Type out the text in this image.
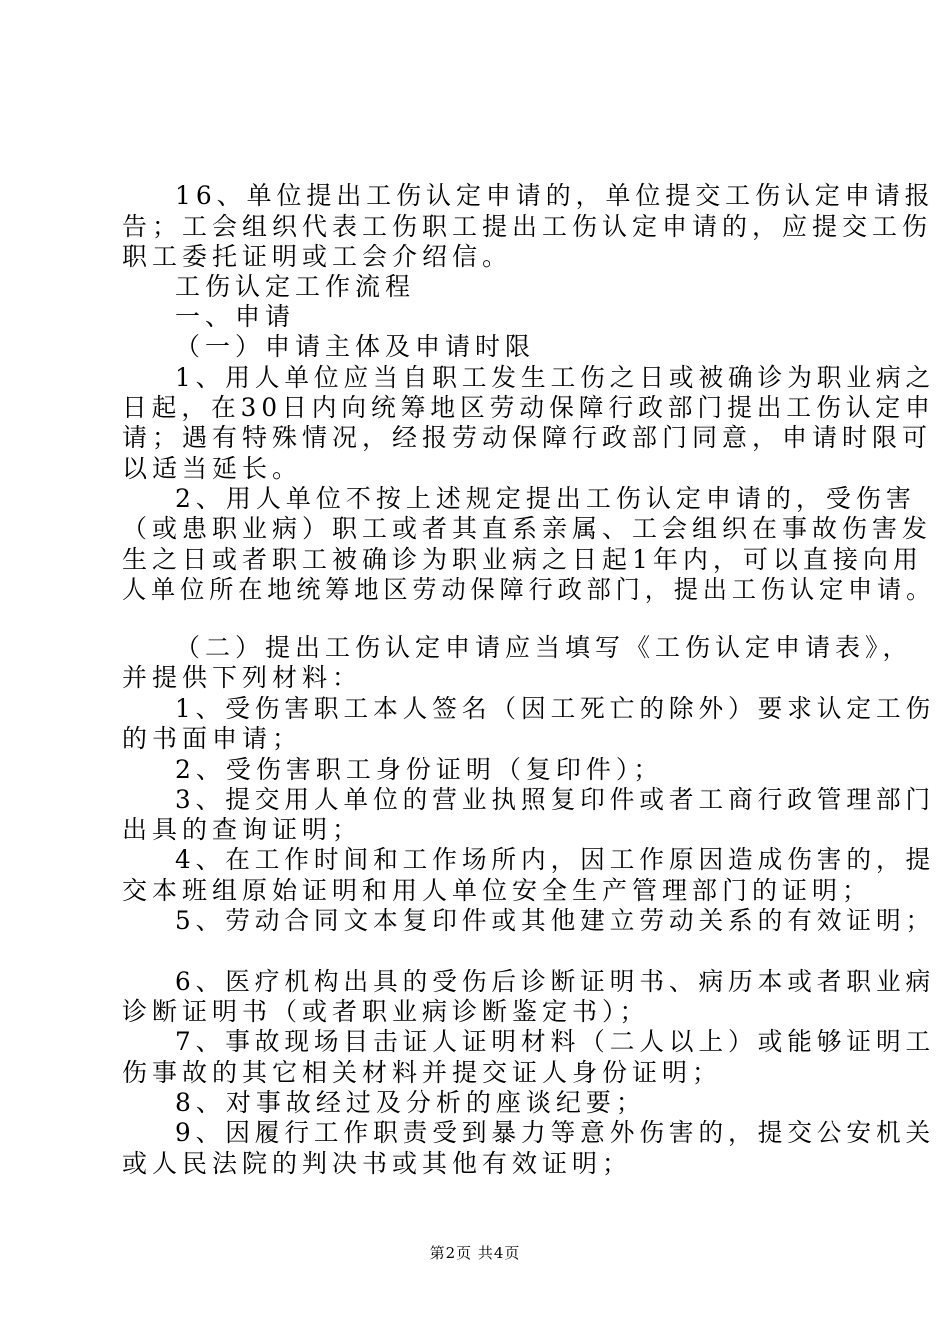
16、单位提出工伤认定申请的，单位提交工伤认定申请报
告；工会组织代表工伤职工提出工伤认定申请的，应提交工伤
职工委托证明或工会介绍信。
工伤认定工作流程
一、申请
（一）申请主体及申请时限
1、用人单位应当自职工发生工伤之日或被确诊为职业病之
日起，在30日内向统筹地区劳动保障行政部门提出工伤认定申
请；遇有特殊情况，经报劳动保障行政部门同意，申请时限可
以适当延长。
2、用人单位不按上述规定提出工伤认定申请的，受伤害
（或患职业病）职工或者其直系亲属、工会组织在事故伤害发
生之日或者职工被确诊为职业病之日起1年内，可以直接向用
人单位所在地统筹地区劳动保障行政部门，提出工伤认定申请。
（二）提出工伤认定申请应当填写《工伤认定申请表》，
并提供下列材料：
1、受伤害职工本人签名（因工死亡的除外）要求认定工伤
的书面申请；
2、受伤害职工身份证明（复印件）；
3、提交用人单位的营业执照复印件或者工商行政管理部门
出具的查询证明；
4、在工作时间和工作场所内，因工作原因造成伤害的，提
交本班组原始证明和用人单位安全生产管理部门的证明；
5、劳动合同文本复印件或其他建立劳动关系的有效证明；
6、医疗机构出具的受伤后诊断证明书、病历本或者职业病
诊断证明书（或者职业病诊断鉴定书）；
7、事故现场目击证人证明材料（二人以上）或能够证明工
伤事故的其它相关材料并提交证人身份证明；
8、对事故经过及分析的座谈纪要；
9、因履行工作职责受到暴力等意外伤害的，提交公安机关
或人民法院的判决书或其他有效证明；
第2页 共4页
